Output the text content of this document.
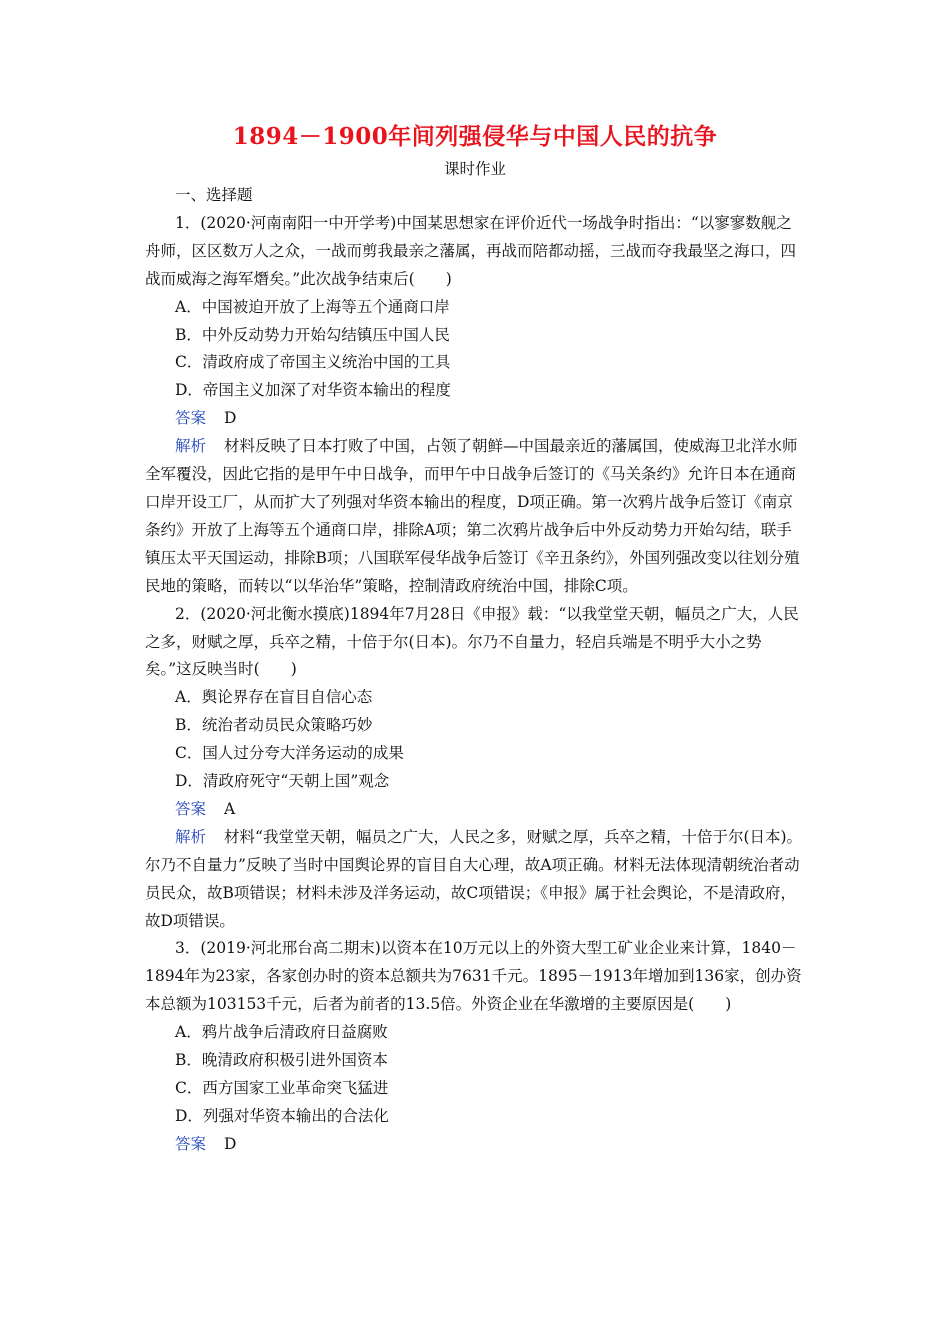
1894－1900年间列强侵华与中国人民的抗争
课时作业

一、选择题

1．(2020·河南南阳一中开学考)中国某思想家在评价近代一场战争时指出：“以寥寥数舰之舟师，区区数万人之众，一战而剪我最亲之藩属，再战而陪都动摇，三战而夺我最坚之海口，四战而威海之海军熸矣。”此次战争结束后(　　)

A．中国被迫开放了上海等五个通商口岸

B．中外反动势力开始勾结镇压中国人民

C．清政府成了帝国主义统治中国的工具

D．帝国主义加深了对华资本输出的程度

答案 D

解析 材料反映了日本打败了中国，占领了朝鲜—中国最亲近的藩属国，使威海卫北洋水师全军覆没，因此它指的是甲午中日战争，而甲午中日战争后签订的《马关条约》允许日本在通商口岸开设工厂，从而扩大了列强对华资本输出的程度，D项正确。第一次鸦片战争后签订《南京条约》开放了上海等五个通商口岸，排除A项；第二次鸦片战争后中外反动势力开始勾结，联手镇压太平天国运动，排除B项；八国联军侵华战争后签订《辛丑条约》，外国列强改变以往划分殖民地的策略，而转以“以华治华”策略，控制清政府统治中国，排除C项。

2．(2020·河北衡水摸底)1894年7月28日《申报》载：“以我堂堂天朝，幅员之广大，人民之多，财赋之厚，兵卒之精，十倍于尔(日本)。尔乃不自量力，轻启兵端是不明乎大小之势矣。”这反映当时(　　)

A．舆论界存在盲目自信心态

B．统治者动员民众策略巧妙

C．国人过分夸大洋务运动的成果

D．清政府死守“天朝上国”观念

答案 A

解析 材料“我堂堂天朝，幅员之广大，人民之多，财赋之厚，兵卒之精，十倍于尔(日本)。尔乃不自量力”反映了当时中国舆论界的盲目自大心理，故A项正确。材料无法体现清朝统治者动员民众，故B项错误；材料未涉及洋务运动，故C项错误；《申报》属于社会舆论，不是清政府，故D项错误。

3．(2019·河北邢台高二期末)以资本在10万元以上的外资大型工矿业企业来计算，1840－1894年为23家，各家创办时的资本总额共为7631千元。1895－1913年增加到136家，创办资本总额为103153千元，后者为前者的13.5倍。外资企业在华激增的主要原因是(　　)

A．鸦片战争后清政府日益腐败

B．晚清政府积极引进外国资本

C．西方国家工业革命突飞猛进

D．列强对华资本输出的合法化

答案 D
